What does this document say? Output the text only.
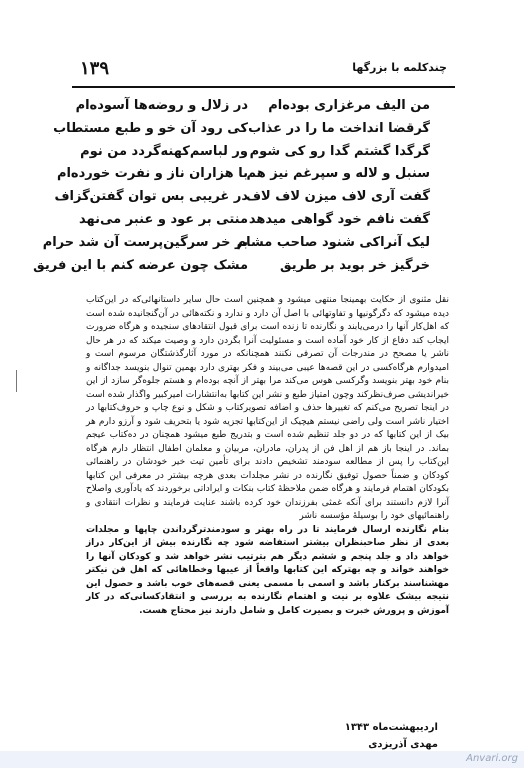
۱۳۹	چندکلمه با بزرگها
من الیف مرغزاری بوده‌ام
در زلال و روضه‌ها آسوده‌ام
گرقضا انداخت ما را در عذاب
کی رود آن خو و طبع مستطاب
گرگدا گشتم گدا رو کی شوم
ور لباسم‌کهنه‌گردد من نوم
سنبل و لاله و سپرغم نیز هم
با هزاران ناز و نفرت خورده‌ام
گفت آری لاف میزن لاف لاف
در غریبی بس توان گفتن‌گزاف
گفت نافم خود گواهی میدهد
منتی بر عود و عنبر می‌نهد
لیک آنراکی شنود صاحب مشام
بر خر سرگین‌پرست آن شد حرام
خرگیز خر بوید بر طریق
مشک چون عرضه کنم با این فریق

نقل مثنوی از حکایت بهمینجا منتهی میشود و همچنین است حال سایر داستانهائی‌که در این‌کتاب دیده میشود که دگرگونیها و تفاوتهائی با اصل آن دارد و ندارد و نکته‌هائی در آن‌گنجانیده شده است که اهل‌کار آنها را درمی‌یابند و نگارنده تا زنده است برای قبول انتقادهای سنجیده و هرگاه ضرورت ایجاب کند دفاع از کار خود آماده است و مسئولیت آنرا بگردن دارد و وصیت میکند که در هر حال ناشر یا مصحح در مندرجات آن تصرفی نکنند همچنانکه در مورد آثارگذشتگان مرسوم است و امیدوارم هرگاه‌کسی در این قصه‌ها عیبی می‌بیند و فکر بهتری دارد بهمین تنوال بنویسد جداگانه و بنام خود بهتر بنویسد وگرکسی هوس می‌کند مرا بهتر از آنچه بوده‌ام و هستم جلوه‌گر سازد از این خیراندیشی صرف‌نظرکند وچون امتیاز طبع و نشر این کتابها به‌انتشارات امیرکبیر واگذار شده است در اینجا تصریح می‌کنم که تغییرها حذف و اضافه تصویرکتاب و شکل و نوع چاپ و حروف‌کتابها در اختیار ناشر است ولی راضی نیستم هیچیک از این‌کتابها تجزیه شود یا بتحریف شود و آرزو دارم هر بیک از این کتابها که در دو جلد تنظیم شده است و بتدریج طبع میشود همچنان در ده‌کتاب عیجم بماند. در اینجا باز هم از اهل فن از پدران، مادران، مربیان و معلمان اطفال انتظار دارم هرگاه این‌کتاب را پس از مطالعه سودمند تشخیص دادند برای تأمین تیت خیر خودشان در راهنمائی کودکان و ضمناً حصول توفیق نگارنده در نشر مجلدات بعدی هرچه بیشتر در معرفی این کتابها بکودکان اهتمام فرمایند و هرگاه ضمن ملاحظهٔ کتاب بنکات و ایراداتی برخوردند که یادآوری واصلاح آنرا لازم دانستند برای آنکه غمثی بفرزندان خود کرده باشند عنایت فرمایند و نظرات انتقادی و راهنمائیهای خود را بوسیلهٔ مؤسسه ناشر

بنام نگارنده ارسال فرمایند تا در راه بهتر و سودمندترگرداندن چاپها و مجلدات بعدی از نظر صاحبنظران بیشتر استفاضه شود چه نگارنده بیش از این‌کار دراز خواهد داد و جلد پنجم و ششم دیگر هم بترتیب نشر خواهد شد و کودکان آنها را خواهند خواند و چه بهترکه این کتابها واقعاً از عیبها وخطاهائی که اهل فن نیکتر مهشناسند برکنار باشد و اسمی با مسمی یعنی قصه‌های خوب باشد و حصول این نتیجه بیشک علاوه بر نیت و اهتمام نگارنده به بررسی و انتقادکسانی‌که در کار آموزش و پرورش خبرت و بصیرت کامل و شامل دارند نیز محتاج هست.

اردیبهشت‌ماه ۱۳۴۳
مهدی آذریزدی
Anvari.org
